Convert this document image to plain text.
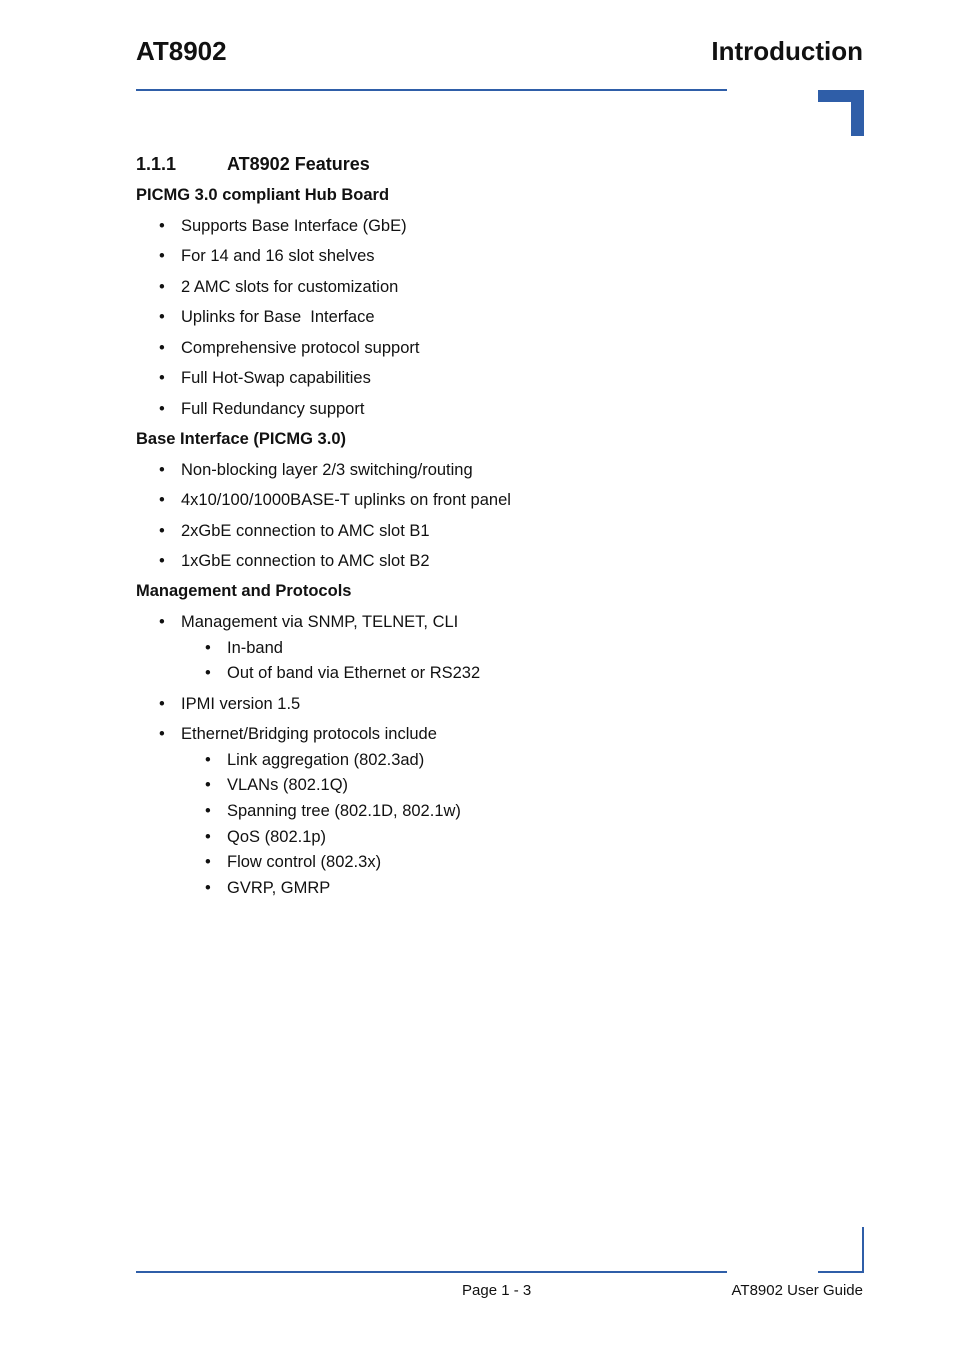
AT8902	Introduction
1.1.1	AT8902 Features
PICMG 3.0 compliant Hub Board
• Supports Base Interface (GbE)
• For 14 and 16 slot shelves
• 2 AMC slots for customization
• Uplinks for Base  Interface
• Comprehensive protocol support
• Full Hot-Swap capabilities
• Full Redundancy support
Base Interface (PICMG 3.0)
• Non-blocking layer 2/3 switching/routing
• 4x10/100/1000BASE-T uplinks on front panel
• 2xGbE connection to AMC slot B1
• 1xGbE connection to AMC slot B2
Management and Protocols
• Management via SNMP, TELNET, CLI
• In-band
• Out of band via Ethernet or RS232
• IPMI version 1.5
• Ethernet/Bridging protocols include
• Link aggregation (802.3ad)
• VLANs (802.1Q)
• Spanning tree (802.1D, 802.1w)
• QoS (802.1p)
• Flow control (802.3x)
• GVRP, GMRP
Page 1 - 3	AT8902 User Guide
